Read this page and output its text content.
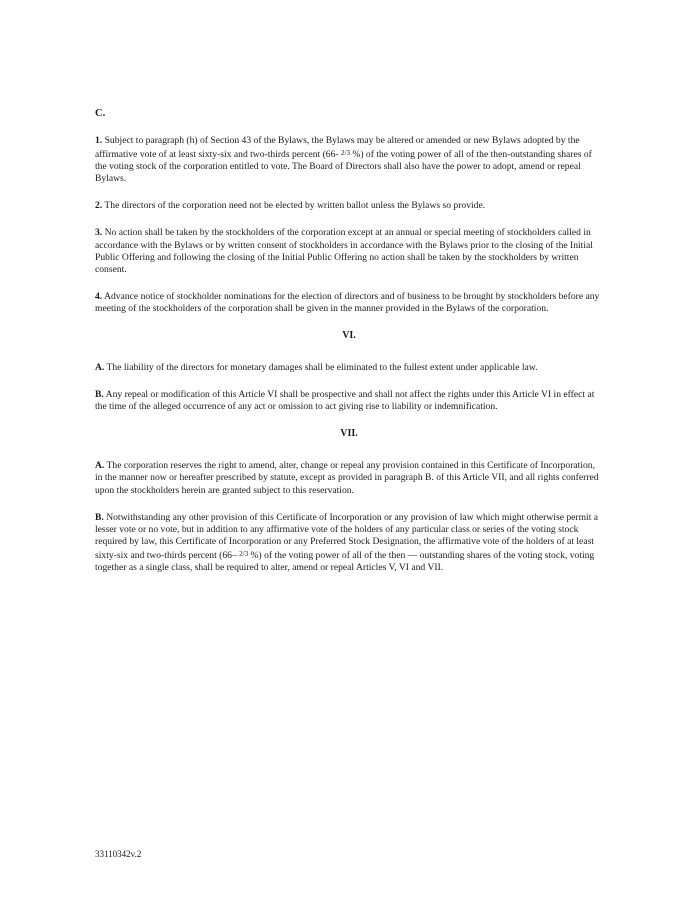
C.

1. Subject to paragraph (h) of Section 43 of the Bylaws, the Bylaws may be altered or amended or new Bylaws adopted by the affirmative vote of at least sixty-six and two-thirds percent (66- $^{2/3}$ %) of the voting power of all of the then-outstanding shares of the voting stock of the corporation entitled to vote. The Board of Directors shall also have the power to adopt, amend or repeal Bylaws.

2. The directors of the corporation need not be elected by written ballot unless the Bylaws so provide.

3. No action shall be taken by the stockholders of the corporation except at an annual or special meeting of stockholders called in accordance with the Bylaws or by written consent of stockholders in accordance with the Bylaws prior to the closing of the Initial Public Offering and following the closing of the Initial Public Offering no action shall be taken by the stockholders by written consent.

4. Advance notice of stockholder nominations for the election of directors and of business to be brought by stockholders before any meeting of the stockholders of the corporation shall be given in the manner provided in the Bylaws of the corporation.

VI.

A. The liability of the directors for monetary damages shall be eliminated to the fullest extent under applicable law.

B. Any repeal or modification of this Article VI shall be prospective and shall not affect the rights under this Article VI in effect at the time of the alleged occurrence of any act or omission to act giving rise to liability or indemnification.

VII.

A. The corporation reserves the right to amend, alter, change or repeal any provision contained in this Certificate of Incorporation, in the manner now or hereafter prescribed by statute, except as provided in paragraph B. of this Article VII, and all rights conferred upon the stockholders herein are granted subject to this reservation.

B. Notwithstanding any other provision of this Certificate of Incorporation or any provision of law which might otherwise permit a lesser vote or no vote, but in addition to any affirmative vote of the holders of any particular class or series of the voting stock required by law, this Certificate of Incorporation or any Preferred Stock Designation, the affirmative vote of the holders of at least sixty-six and two-thirds percent (66– $^{2/3}$ %) of the voting power of all of the then — outstanding shares of the voting stock, voting together as a single class, shall be required to alter, amend or repeal Articles V, VI and VII.

33110342v.2
